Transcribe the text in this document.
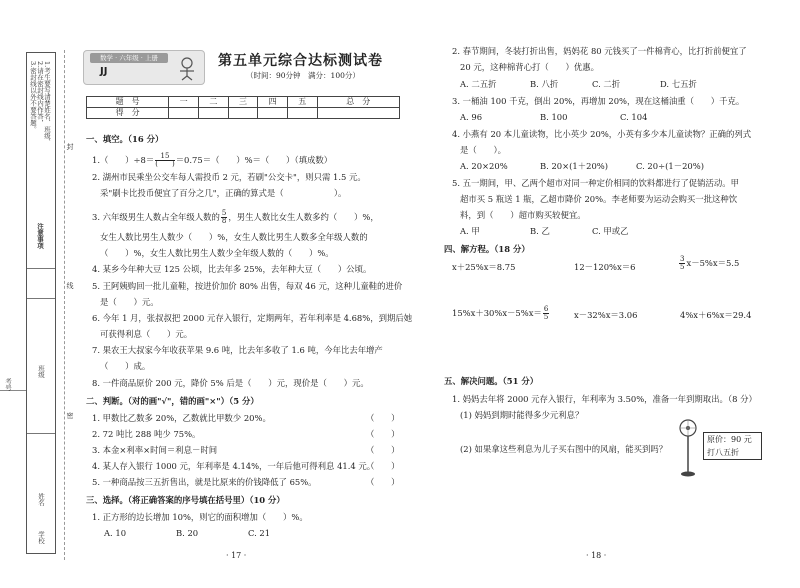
1.考生要写清楚姓名、班级、
2.请在密封线内作答，
3.密封线以外不要答题。
注意事项
班级
姓名
学校
考号
封
线
密
数学 · 六年级 · 上册
JJ
第五单元综合达标测试卷
（时间：90分钟　满分：100分）
题　号	一	二	三	四	五	总　分
得　分						
一、填空。（16 分）
1.（　　）$\div 8= \frac{15}{( )} =0.75=$（　　）%＝（　　）（填成数）
2. 湖州市民乘坐公交车每人需投币 2 元，若刷"公交卡"，则只需 1.5 元。
采"刷卡比投币便宜了百分之几"，正确的算式是（　　　　　　）。
3. 六年级男生人数占全年级人数的 $\frac{5}{8}$ ，男生人数比女生人数多约（　　）%，
女生人数比男生人数少（　　）%，女生人数比男生人数多全年级人数的
（　　）%，女生人数比男生人数少全年级人数的（　　）%。
4. 某乡今年种大豆 125 公顷，比去年多 25%，去年种大豆（　　）公顷。
5. 王阿姨购回一批儿童鞋，按进价加价 80% 出售，每双 46 元，这种儿童鞋的进价
是（　　）元。
6. 今年 1 月，张叔叔把 2000 元存入银行，定期两年，若年利率是 4.68%，到期后她
可获得利息（　　）元。
7. 果农王大叔家今年收获苹果 9.6 吨，比去年多收了 1.6 吨，今年比去年增产
（　　）成。
8. 一件商品原价 200 元，降价 5% 后是（　　）元，现价是（　　）元。
二、判断。（对的画"√"，错的画"×"）（5 分）
1. 甲数比乙数多 20%，乙数就比甲数少 20%。	（　　）
2. 72 吨比 288 吨少 75%。	（　　）
3. 本金×利率×时间＝利息－时间	（　　）
4. 某人存入银行 1000 元，年利率是 4.14%，一年后他可得利息 41.4 元。
（　　）
5. 一种商品按三五折售出，就是比原来的价钱降低了 65%。	（　　）
三、选择。（将正确答案的序号填在括号里）（10 分）
1. 正方形的边长增加 10%，则它的面积增加（　　）%。
A. 10	B. 20	C. 21
· 17 ·
2. 春节期间，冬装打折出售，妈妈花 80 元钱买了一件棉背心，比打折前便宜了
20 元，这种棉背心打（　　）优惠。
A. 二五折	B. 八折	C. 二折	D. 七五折
3. 一桶油 100 千克，倒出 20%，再增加 20%，现在这桶油重（　　）千克。
A. 96	B. 100	C. 104
4. 小燕有 20 本儿童读物，比小英少 20%，小英有多少本儿童读物？正确的列式
是（　　）。
A. 20×20%	B. 20×(1＋20%)	C. 20÷(1－20%)
5. 五一期间，甲、乙两个超市对同一种定价相同的饮料都进行了促销活动。甲
超市买 5 瓶送 1 瓶，乙超市降价 20%。李老师要为运动会购买一批这种饮
料，到（　　）超市购买较便宜。
A. 甲	B. 乙	C. 甲或乙
四、解方程。（18 分）
x＋25%x＝8.75	12－120%x＝6	$\frac{3}{5} x-5\%x=5.5$
$15\%x+30\%x-5\%x= \frac{6}{5}$	x－32%x＝3.06	4%x＋6%x＝29.4
五、解决问题。（51 分）
1. 妈妈去年将 2000 元存入银行，年利率为 3.50%，准备一年到期取出。（8 分）
(1) 妈妈到期时能得多少元利息？
(2) 如果拿这些利息为儿子买右图中的风扇，能买到吗？
原价：90 元
打八五折
· 18 ·
